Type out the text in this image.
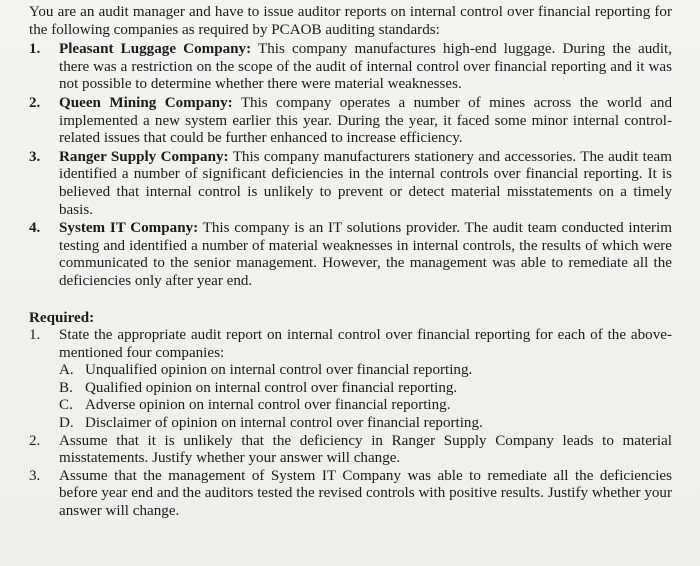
You are an audit manager and have to issue auditor reports on internal control over financial reporting for the following companies as required by PCAOB auditing standards:
1.	Pleasant Luggage Company: This company manufactures high-end luggage. During the audit, there was a restriction on the scope of the audit of internal control over financial reporting and it was not possible to determine whether there were material weaknesses.
2.	Queen Mining Company: This company operates a number of mines across the world and implemented a new system earlier this year. During the year, it faced some minor internal control-related issues that could be further enhanced to increase efficiency.
3.	Ranger Supply Company: This company manufacturers stationery and accessories. The audit team identified a number of significant deficiencies in the internal controls over financial reporting. It is believed that internal control is unlikely to prevent or detect material misstatements on a timely basis.
4.	System IT Company: This company is an IT solutions provider. The audit team conducted interim testing and identified a number of material weaknesses in internal controls, the results of which were communicated to the senior management. However, the management was able to remediate all the deficiencies only after year end.
Required:
1.	State the appropriate audit report on internal control over financial reporting for each of the above-mentioned four companies:
A. Unqualified opinion on internal control over financial reporting.
B. Qualified opinion on internal control over financial reporting.
C. Adverse opinion on internal control over financial reporting.
D. Disclaimer of opinion on internal control over financial reporting.
2.	Assume that it is unlikely that the deficiency in Ranger Supply Company leads to material misstatements. Justify whether your answer will change.
3.	Assume that the management of System IT Company was able to remediate all the deficiencies before year end and the auditors tested the revised controls with positive results. Justify whether your answer will change.
